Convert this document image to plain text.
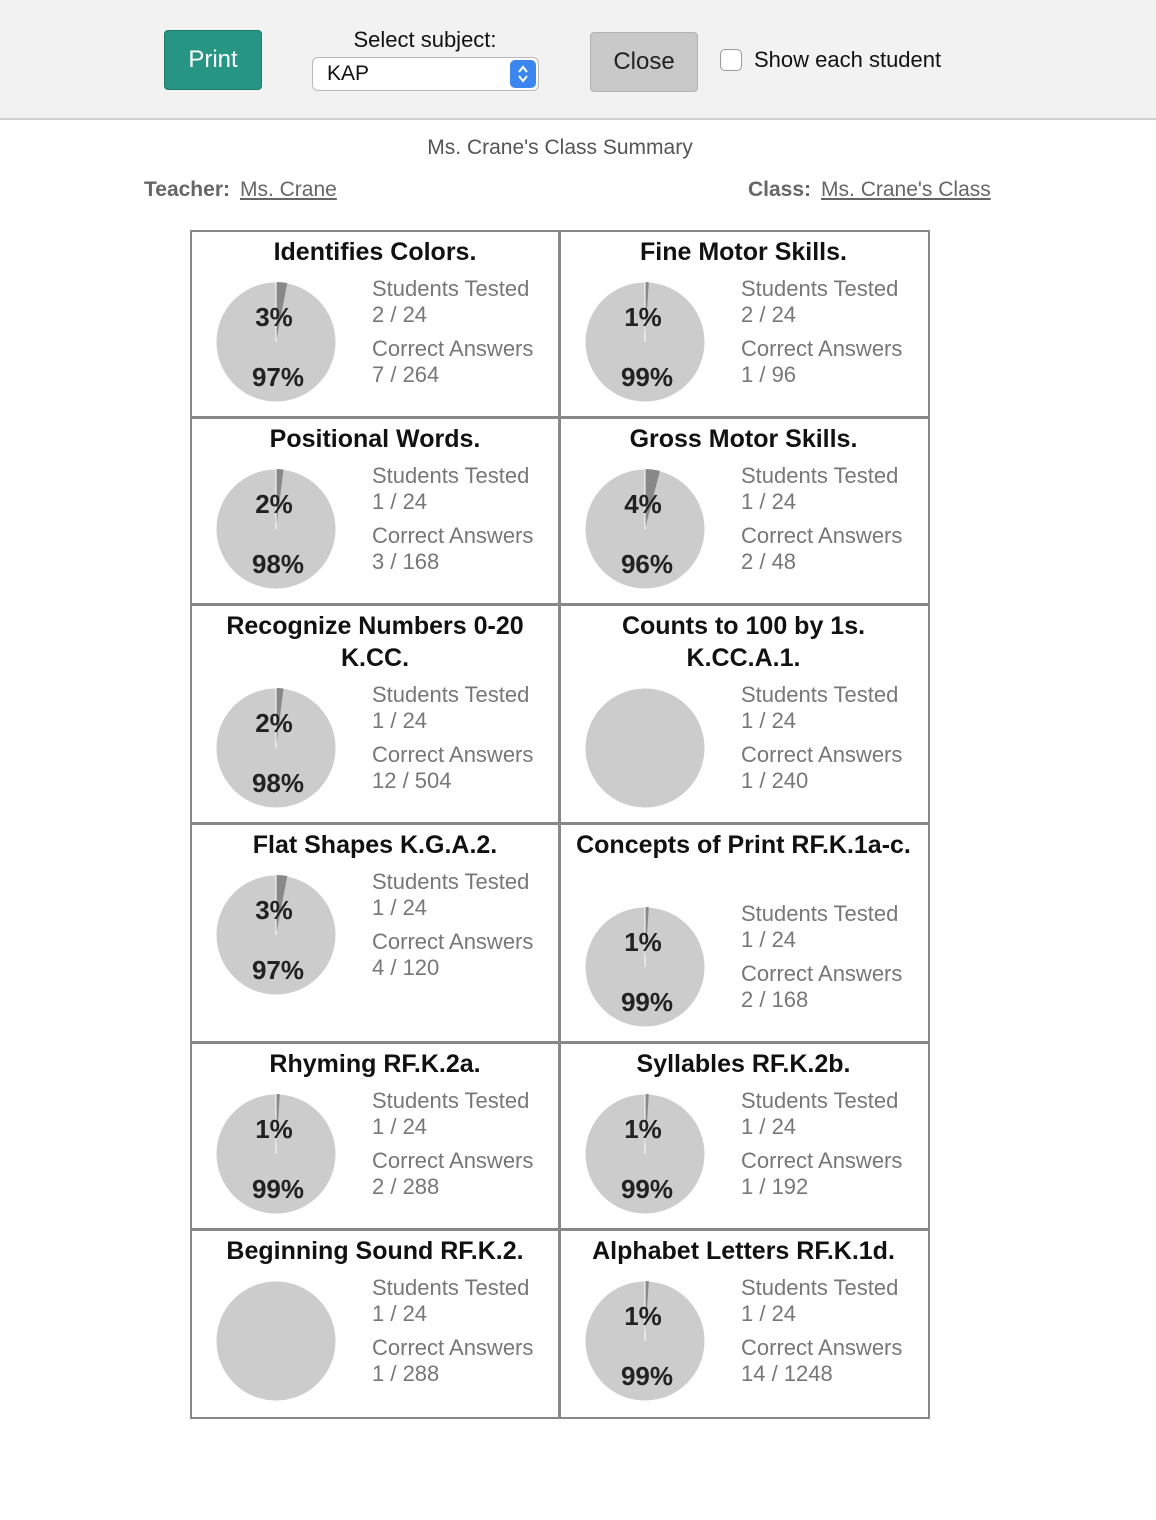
Print
Select subject:
KAP	Close	Show each student
Ms. Crane's Class Summary
Teacher: Ms. Crane	Class: Ms. Crane's Class
Identifies Colors.
3%
97%
Students Tested
2 / 24
Correct Answers
7 / 264
Fine Motor Skills.
1%
99%
Students Tested
2 / 24
Correct Answers
1 / 96
Positional Words.
2%
98%
Students Tested
1 / 24
Correct Answers
3 / 168
Gross Motor Skills.
4%
96%
Students Tested
1 / 24
Correct Answers
2 / 48
Recognize Numbers 0-20 K.CC.
2%
98%
Students Tested
1 / 24
Correct Answers
12 / 504
Counts to 100 by 1s. K.CC.A.1.
Students Tested
1 / 24
Correct Answers
1 / 240
Flat Shapes K.G.A.2.
3%
97%
Students Tested
1 / 24
Correct Answers
4 / 120
Concepts of Print RF.K.1a-c.
1%
99%
Students Tested
1 / 24
Correct Answers
2 / 168
Rhyming RF.K.2a.
1%
99%
Students Tested
1 / 24
Correct Answers
2 / 288
Syllables RF.K.2b.
1%
99%
Students Tested
1 / 24
Correct Answers
1 / 192
Beginning Sound RF.K.2.
Students Tested
1 / 24
Correct Answers
1 / 288
Alphabet Letters RF.K.1d.
1%
99%
Students Tested
1 / 24
Correct Answers
14 / 1248
